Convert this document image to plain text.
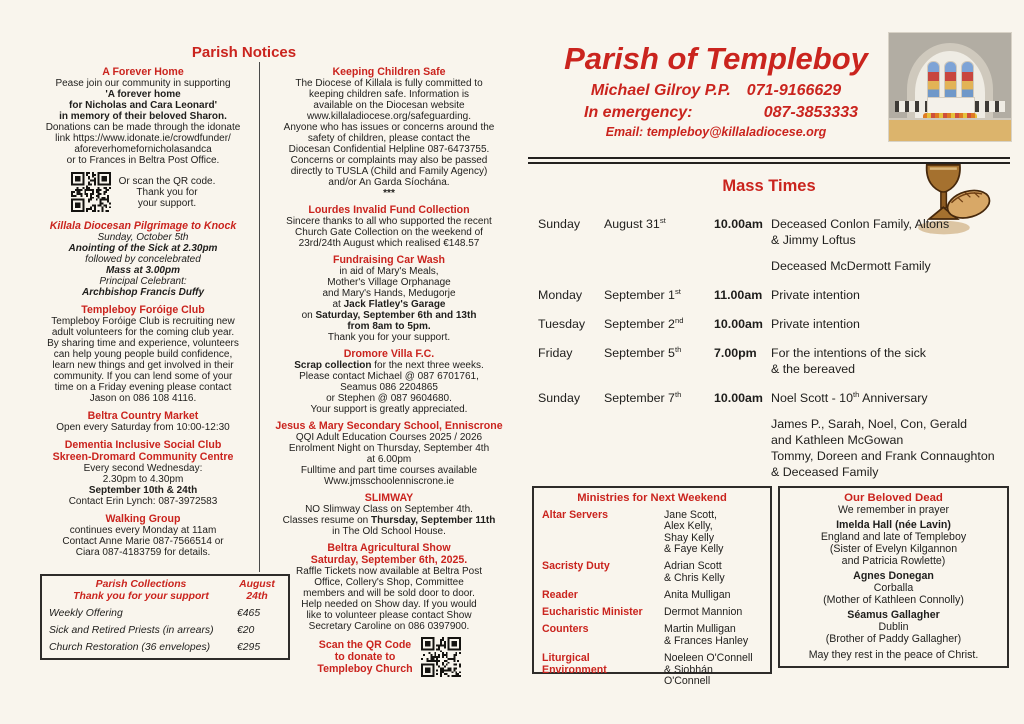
Parish Notices
A Forever Home
Pease join our community in supporting
'A forever home
for Nicholas and Cara Leonard'
in memory of their beloved Sharon.
Donations can be made through the idonate
link https://www.idonate.ie/crowdfunder/
aforeverhomefornicholasandca
or to Frances in Beltra Post Office.
Or scan the QR code.
Thank you for
your support.
Killala Diocesan Pilgrimage to Knock
Sunday, October 5th
Anointing of the Sick at 2.30pm
followed by concelebrated
Mass at 3.00pm
Principal Celebrant:
Archbishop Francis Duffy
Templeboy Foróige Club
Templeboy Foróige Club is recruiting new
adult volunteers for the coming club year.
By sharing time and experience, volunteers
can help young people build confidence,
learn new things and get involved in their
community. If you can lend some of your
time on a Friday evening please contact
Jason on 086 108 4116.
Beltra Country Market
Open every Saturday from 10:00-12:30
Dementia Inclusive Social Club
Skreen-Dromard Community Centre
Every second Wednesday:
2.30pm to 4.30pm
September 10th & 24th
Contact Erin Lynch: 087-3972583
Walking Group
continues every Monday at 11am
Contact Anne Marie 087-7566514 or
Ciara 087-4183759 for details.
Keeping Children Safe
The Diocese of Killala is fully committed to
keeping children safe. Information is
available on the Diocesan website
www.killaladiocese.org/safeguarding.
Anyone who has issues or concerns around the
safety of children, please contact the
Diocesan Confidential Helpline 087-6473755.
Concerns or complaints may also be passed
directly to TUSLA (Child and Family Agency)
and/or An Garda Síochána.
***
Lourdes Invalid Fund Collection
Sincere thanks to all who supported the recent
Church Gate Collection on the weekend of
23rd/24th August which realised €148.57
Fundraising Car Wash
in aid of Mary's Meals,
Mother's Village Orphanage
and Mary's Hands, Medugorje
at Jack Flatley's Garage
on Saturday, September 6th and 13th
from 8am to 5pm.
Thank you for your support.
Dromore Villa F.C.
Scrap collection for the next three weeks.
Please contact Michael @ 087 6701761,
Seamus 086 2204865
or Stephen @ 087 9604680.
Your support is greatly appreciated.
Jesus & Mary Secondary School, Enniscrone
QQI Adult Education Courses 2025 / 2026
Enrolment Night on Thursday, September 4th
at 6.00pm
Fulltime and part time courses available
Www.jmsschoolenniscrone.ie
SLIMWAY
NO Slimway Class on September 4th.
Classes resume on Thursday, September 11th
in The Old School House.
Beltra Agricultural Show
Saturday, September 6th, 2025.
Raffle Tickets now available at Beltra Post
Office, Collery's Shop, Committee
members and will be sold door to door.
Help needed on Show day. If you would
like to volunteer please contact Show
Secretary Caroline on 086 0397900.
Scan the QR Code
to donate to
Templeboy Church
Parish Collections
Thank you for your support
August
24th
Weekly Offering	€465
Sick and Retired Priests (in arrears) €20
Church Restoration (36 envelopes)	€295
Parish of Templeboy
Michael Gilroy P.P. 071-9166629
In emergency:	087-3853333
Email: templeboy@killaladiocese.org
Mass Times
Sunday	August 31st	10.00am Deceased Conlon Family, Altons
& Jimmy Loftus
Deceased McDermott Family
Monday	September 1st	11.00am Private intention
Tuesday	September 2nd	10.00am Private intention
Friday	September 5th	7.00pm	For the intentions of the sick
& the bereaved
Sunday	September 7th	10.00am Noel Scott - 10th Anniversary
James P., Sarah, Noel, Con, Gerald
and Kathleen McGowan
Tommy, Doreen and Frank Connaughton
& Deceased Family
Ministries for Next Weekend
Altar Servers	Jane Scott,
Alex Kelly,
Shay Kelly
& Faye Kelly
Sacristy Duty	Adrian Scott
& Chris Kelly
Reader	Anita Mulligan
Eucharistic Minister	Dermot Mannion
Counters	Martin Mulligan
& Frances Hanley
Liturgical
Environment
Noeleen O'Connell
& Siobhán O'Connell
Our Beloved Dead
We remember in prayer
Imelda Hall (née Lavin)
England and late of Templeboy
(Sister of Evelyn Kilgannon
and Patricia Rowlette)
Agnes Donegan
Corballa
(Mother of Kathleen Connolly)
Séamus Gallagher
Dublin
(Brother of Paddy Gallagher)
May they rest in the peace of Christ.
